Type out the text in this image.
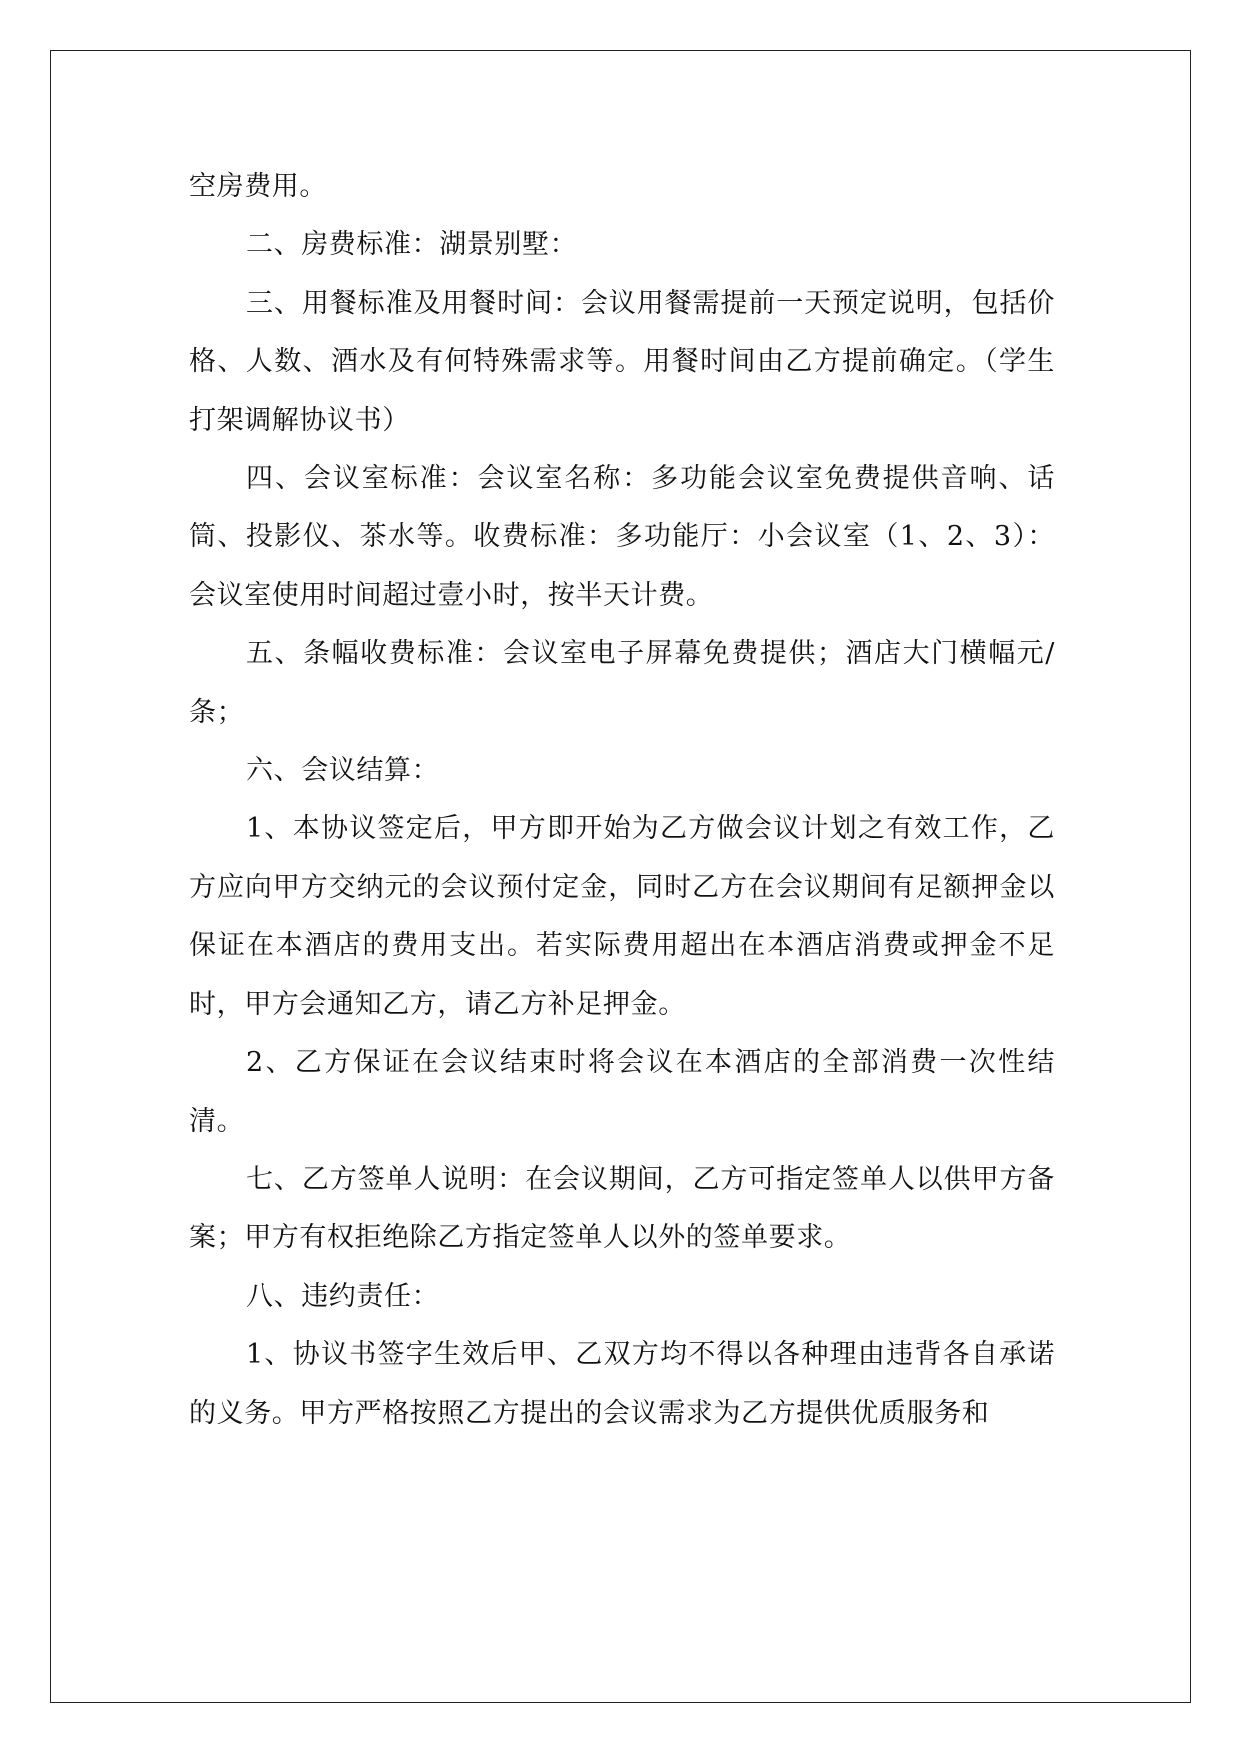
空房费用。

二、房费标准：湖景别墅：

三、用餐标准及用餐时间：会议用餐需提前一天预定说明，包括价格、人数、酒水及有何特殊需求等。用餐时间由乙方提前确定。（学生打架调解协议书）

四、会议室标准：会议室名称：多功能会议室免费提供音响、话筒、投影仪、茶水等。收费标准：多功能厅：小会议室（1、2、3）：会议室使用时间超过壹小时，按半天计费。

五、条幅收费标准：会议室电子屏幕免费提供；酒店大门横幅元/条；

六、会议结算：

1、本协议签定后，甲方即开始为乙方做会议计划之有效工作，乙方应向甲方交纳元的会议预付定金，同时乙方在会议期间有足额押金以保证在本酒店的费用支出。若实际费用超出在本酒店消费或押金不足时，甲方会通知乙方，请乙方补足押金。

2、乙方保证在会议结束时将会议在本酒店的全部消费一次性结清。

七、乙方签单人说明：在会议期间，乙方可指定签单人以供甲方备案；甲方有权拒绝除乙方指定签单人以外的签单要求。

八、违约责任：

1、协议书签字生效后甲、乙双方均不得以各种理由违背各自承诺的义务。甲方严格按照乙方提出的会议需求为乙方提供优质服务和
